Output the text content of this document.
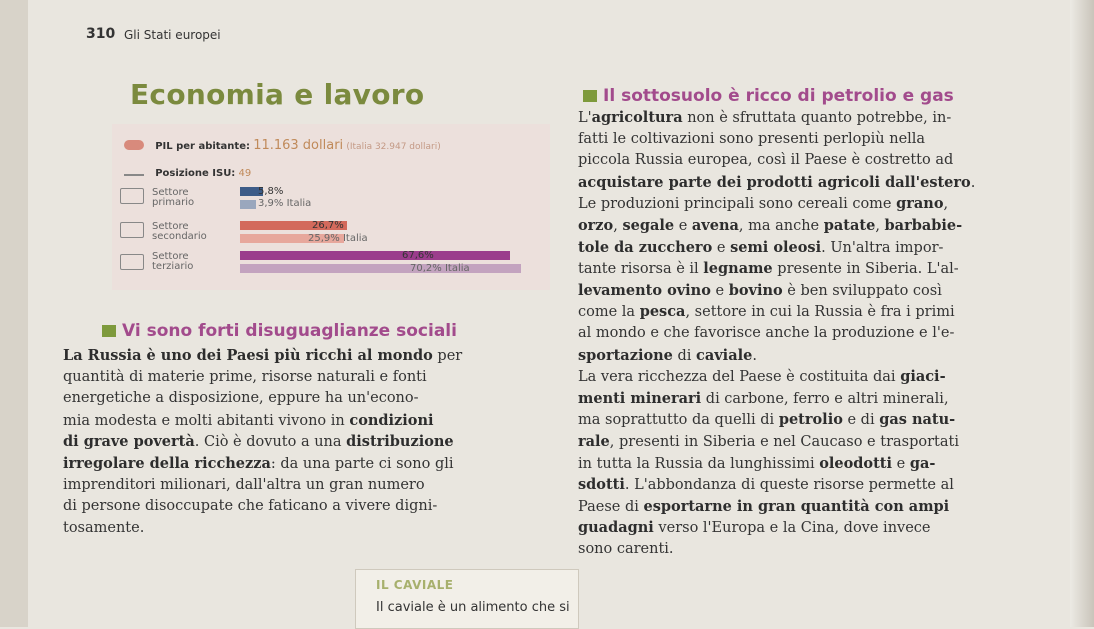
310 Gli Stati europei
Economia e lavoro
PIL per abitante: 11.163 dollari (Italia 32.947 dollari)
Posizione ISU: 49
Settore
primario
5,8%
3,9% Italia
Settore
secondario
26,7%
25,9% Italia
Settore
terziario
67,6%
70,2% Italia
Vi sono forti disuguaglianze sociali
La Russia è uno dei Paesi più ricchi al mondo per
quantità di materie prime, risorse naturali e fonti
energetiche a disposizione, eppure ha un'econo-
mia modesta e molti abitanti vivono in condizioni
di grave povertà. Ciò è dovuto a una distribuzione
irregolare della ricchezza: da una parte ci sono gli
imprenditori milionari, dall'altra un gran numero
di persone disoccupate che faticano a vivere digni-
tosamente.
IL CAVIALE
Il caviale è un alimento che si
Il sottosuolo è ricco di petrolio e gas
L'agricoltura non è sfruttata quanto potrebbe, in-
fatti le coltivazioni sono presenti perlopiù nella
piccola Russia europea, così il Paese è costretto ad
acquistare parte dei prodotti agricoli dall'estero.
Le produzioni principali sono cereali come grano,
orzo, segale e avena, ma anche patate, barbabie-
tole da zucchero e semi oleosi. Un'altra impor-
tante risorsa è il legname presente in Siberia. L'al-
levamento ovino e bovino è ben sviluppato così
come la pesca, settore in cui la Russia è fra i primi
al mondo e che favorisce anche la produzione e l'e-
sportazione di caviale.
La vera ricchezza del Paese è costituita dai giaci-
menti minerari di carbone, ferro e altri minerali,
ma soprattutto da quelli di petrolio e di gas natu-
rale, presenti in Siberia e nel Caucaso e trasportati
in tutta la Russia da lunghissimi oleodotti e ga-
sdotti. L'abbondanza di queste risorse permette al
Paese di esportarne in gran quantità con ampi
guadagni verso l'Europa e la Cina, dove invece
sono carenti.
